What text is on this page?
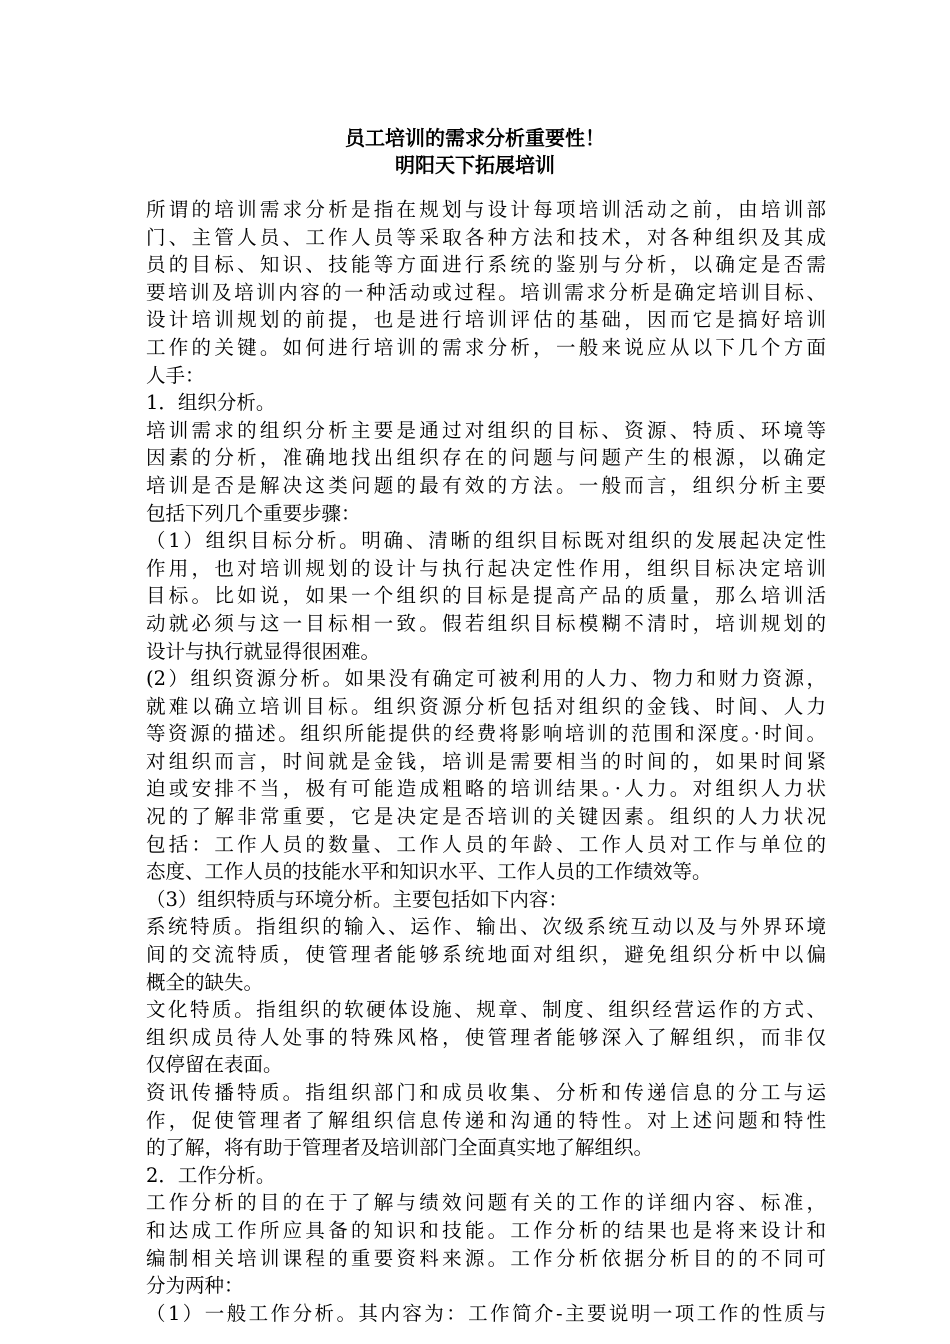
员工培训的需求分析重要性！
明阳天下拓展培训
所谓的培训需求分析是指在规划与设计每项培训活动之前，由培训部
门、主管人员、工作人员等采取各种方法和技术，对各种组织及其成
员的目标、知识、技能等方面进行系统的鉴别与分析，以确定是否需
要培训及培训内容的一种活动或过程。培训需求分析是确定培训目标、
设计培训规划的前提，也是进行培训评估的基础，因而它是搞好培训
工作的关键。如何进行培训的需求分析，一般来说应从以下几个方面
人手：
1．组织分析。
培训需求的组织分析主要是通过对组织的目标、资源、特质、环境等
因素的分析，准确地找出组织存在的问题与问题产生的根源，以确定
培训是否是解决这类问题的最有效的方法。一般而言，组织分析主要
包括下列几个重要步骤：
（1）组织目标分析。明确、清晰的组织目标既对组织的发展起决定性
作用，也对培训规划的设计与执行起决定性作用，组织目标决定培训
目标。比如说，如果一个组织的目标是提高产品的质量，那么培训活
动就必须与这一目标相一致。假若组织目标模糊不清时，培训规划的
设计与执行就显得很困难。
(2）组织资源分析。如果没有确定可被利用的人力、物力和财力资源，
就难以确立培训目标。组织资源分析包括对组织的金钱、时间、人力
等资源的描述。组织所能提供的经费将影响培训的范围和深度。·时间。
对组织而言，时间就是金钱，培训是需要相当的时间的，如果时间紧
迫或安排不当，极有可能造成粗略的培训结果。·人力。对组织人力状
况的了解非常重要，它是决定是否培训的关键因素。组织的人力状况
包括：工作人员的数量、工作人员的年龄、工作人员对工作与单位的
态度、工作人员的技能水平和知识水平、工作人员的工作绩效等。
（3）组织特质与环境分析。主要包括如下内容：
系统特质。指组织的输入、运作、输出、次级系统互动以及与外界环境
间的交流特质，使管理者能够系统地面对组织，避免组织分析中以偏
概全的缺失。
文化特质。指组织的软硬体设施、规章、制度、组织经营运作的方式、
组织成员待人处事的特殊风格，使管理者能够深入了解组织，而非仅
仅停留在表面。
资讯传播特质。指组织部门和成员收集、分析和传递信息的分工与运
作，促使管理者了解组织信息传递和沟通的特性。对上述问题和特性
的了解，将有助于管理者及培训部门全面真实地了解组织。
2．工作分析。
工作分析的目的在于了解与绩效问题有关的工作的详细内容、标准，
和达成工作所应具备的知识和技能。工作分析的结果也是将来设计和
编制相关培训课程的重要资料来源。工作分析依据分析目的的不同可
分为两种：
（1）一般工作分析。其内容为：工作简介-主要说明一项工作的性质与
